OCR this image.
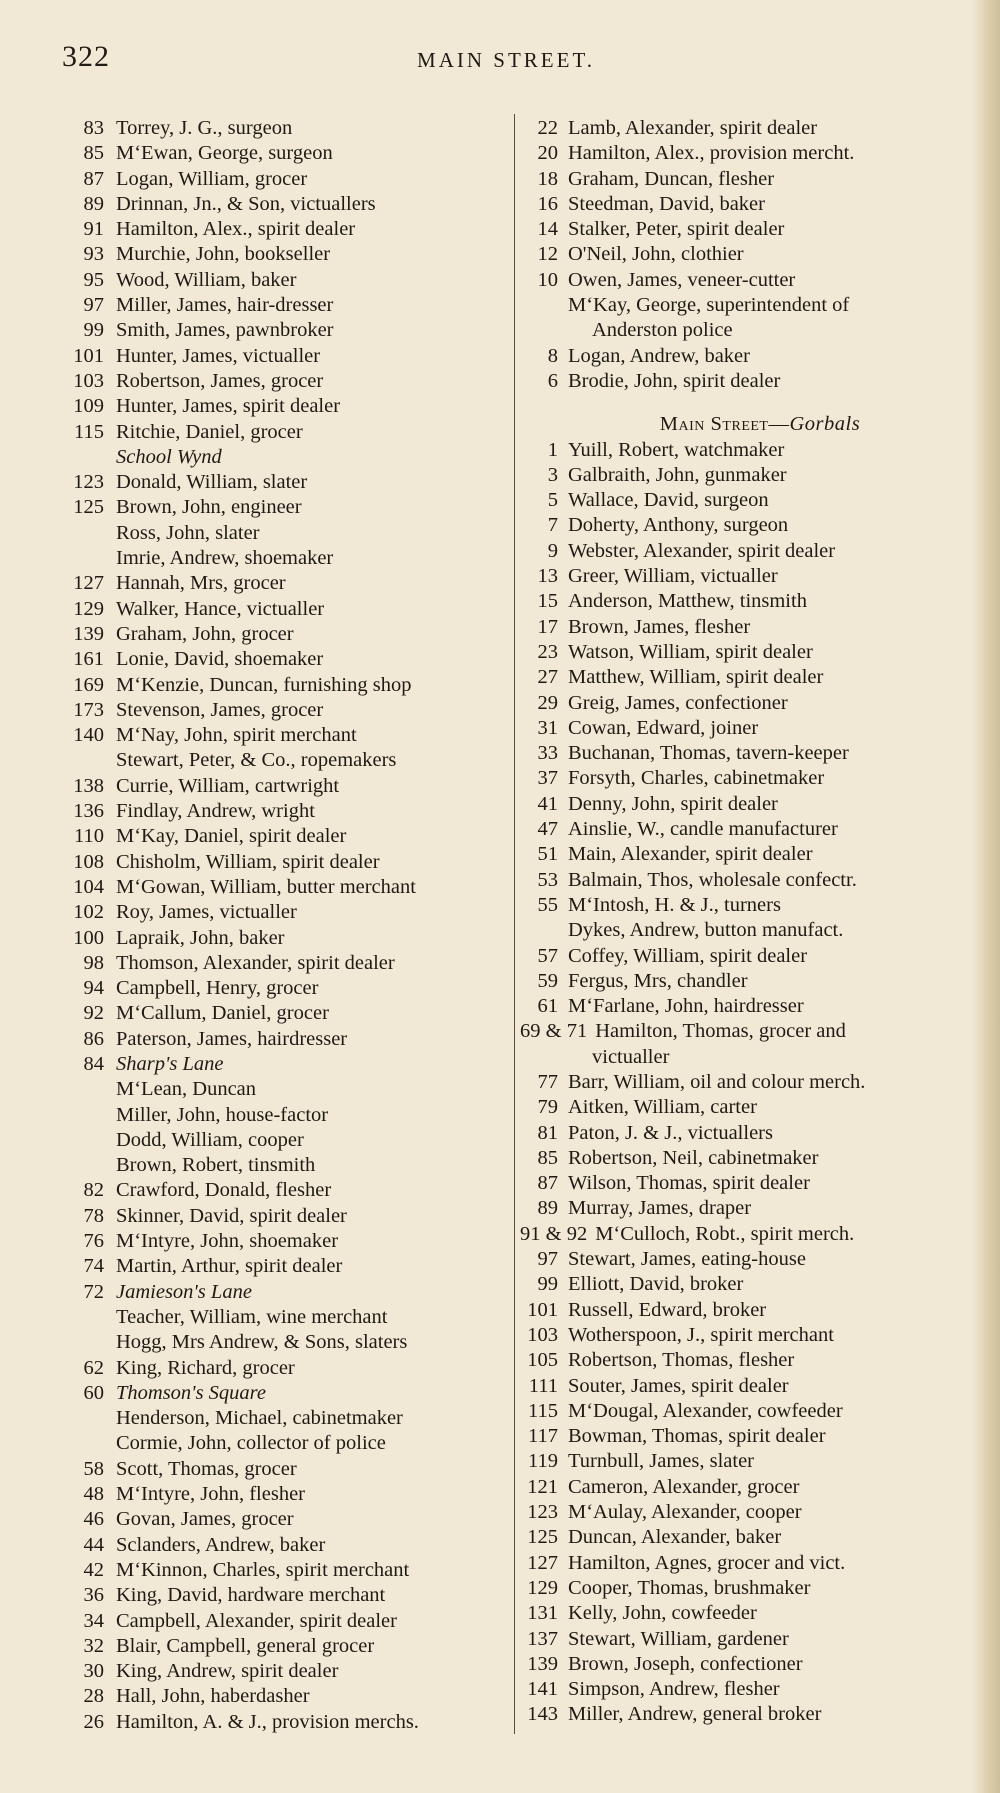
322	MAIN STREET.
83 Torrey, J. G., surgeon
85 M‘Ewan, George, surgeon
87 Logan, William, grocer
89 Drinnan, Jn., & Son, victuallers
91 Hamilton, Alex., spirit dealer
93 Murchie, John, bookseller
95 Wood, William, baker
97 Miller, James, hair-dresser
99 Smith, James, pawnbroker
101 Hunter, James, victualler
103 Robertson, James, grocer
109 Hunter, James, spirit dealer
115 Ritchie, Daniel, grocer
School Wynd
123 Donald, William, slater
125 Brown, John, engineer
Ross, John, slater
Imrie, Andrew, shoemaker
127 Hannah, Mrs, grocer
129 Walker, Hance, victualler
139 Graham, John, grocer
161 Lonie, David, shoemaker
169 M‘Kenzie, Duncan, furnishing shop
173 Stevenson, James, grocer
140 M‘Nay, John, spirit merchant
Stewart, Peter, & Co., ropemakers
138 Currie, William, cartwright
136 Findlay, Andrew, wright
110 M‘Kay, Daniel, spirit dealer
108 Chisholm, William, spirit dealer
104 M‘Gowan, William, butter merchant
102 Roy, James, victualler
100 Lapraik, John, baker
98 Thomson, Alexander, spirit dealer
94 Campbell, Henry, grocer
92 M‘Callum, Daniel, grocer
86 Paterson, James, hairdresser
84 Sharp's Lane
M‘Lean, Duncan
Miller, John, house-factor
Dodd, William, cooper
Brown, Robert, tinsmith
82 Crawford, Donald, flesher
78 Skinner, David, spirit dealer
76 M‘Intyre, John, shoemaker
74 Martin, Arthur, spirit dealer
72 Jamieson's Lane
Teacher, William, wine merchant
Hogg, Mrs Andrew, & Sons, slaters
62 King, Richard, grocer
60 Thomson's Square
Henderson, Michael, cabinetmaker
Cormie, John, collector of police
58 Scott, Thomas, grocer
48 M‘Intyre, John, flesher
46 Govan, James, grocer
44 Sclanders, Andrew, baker
42 M‘Kinnon, Charles, spirit merchant
36 King, David, hardware merchant
34 Campbell, Alexander, spirit dealer
32 Blair, Campbell, general grocer
30 King, Andrew, spirit dealer
28 Hall, John, haberdasher
26 Hamilton, A. & J., provision merchs.
22 Lamb, Alexander, spirit dealer
20 Hamilton, Alex., provision mercht.
18 Graham, Duncan, flesher
16 Steedman, David, baker
14 Stalker, Peter, spirit dealer
12 O'Neil, John, clothier
10 Owen, James, veneer-cutter
M‘Kay, George, superintendent of
Anderston police
8 Logan, Andrew, baker
6 Brodie, John, spirit dealer
Main Street—Gorbals
1 Yuill, Robert, watchmaker
3 Galbraith, John, gunmaker
5 Wallace, David, surgeon
7 Doherty, Anthony, surgeon
9 Webster, Alexander, spirit dealer
13 Greer, William, victualler
15 Anderson, Matthew, tinsmith
17 Brown, James, flesher
23 Watson, William, spirit dealer
27 Matthew, William, spirit dealer
29 Greig, James, confectioner
31 Cowan, Edward, joiner
33 Buchanan, Thomas, tavern-keeper
37 Forsyth, Charles, cabinetmaker
41 Denny, John, spirit dealer
47 Ainslie, W., candle manufacturer
51 Main, Alexander, spirit dealer
53 Balmain, Thos, wholesale confectr.
55 M‘Intosh, H. & J., turners
Dykes, Andrew, button manufact.
57 Coffey, William, spirit dealer
59 Fergus, Mrs, chandler
61 M‘Farlane, John, hairdresser
69 & 71 Hamilton, Thomas, grocer and
victualler
77 Barr, William, oil and colour merch.
79 Aitken, William, carter
81 Paton, J. & J., victuallers
85 Robertson, Neil, cabinetmaker
87 Wilson, Thomas, spirit dealer
89 Murray, James, draper
91 & 92 M‘Culloch, Robt., spirit merch.
97 Stewart, James, eating-house
99 Elliott, David, broker
101 Russell, Edward, broker
103 Wotherspoon, J., spirit merchant
105 Robertson, Thomas, flesher
111 Souter, James, spirit dealer
115 M‘Dougal, Alexander, cowfeeder
117 Bowman, Thomas, spirit dealer
119 Turnbull, James, slater
121 Cameron, Alexander, grocer
123 M‘Aulay, Alexander, cooper
125 Duncan, Alexander, baker
127 Hamilton, Agnes, grocer and vict.
129 Cooper, Thomas, brushmaker
131 Kelly, John, cowfeeder
137 Stewart, William, gardener
139 Brown, Joseph, confectioner
141 Simpson, Andrew, flesher
143 Miller, Andrew, general broker
